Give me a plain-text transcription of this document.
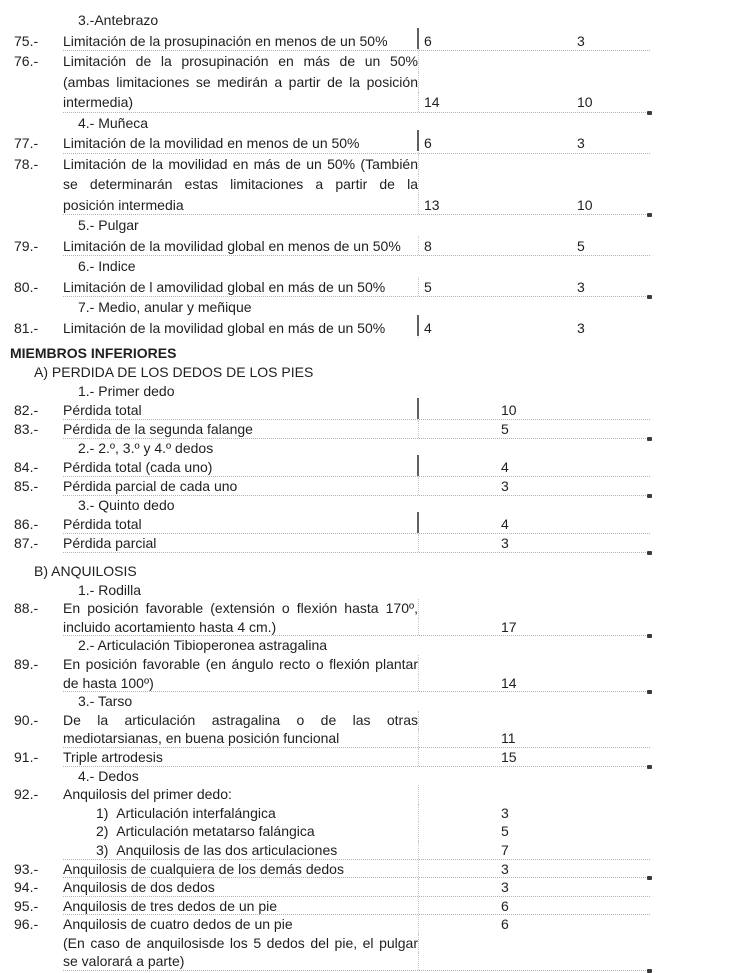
3.-Antebrazo
75.-	Limitación de la prosupinación en menos de un 50%	6	3
76.-	Limitación de la prosupinación en más de un 50%
(ambas limitaciones se medirán a partir de la posición
intermedia)	14	10
4.- Muñeca
77.-	Limitación de la movilidad en menos de un 50%	6	3
78.-	Limitación de la movilidad en más de un 50% (También
se determinarán estas limitaciones a partir de la
posición intermedia	13	10
5.- Pulgar
79.-	Limitación de la movilidad global en menos de un 50%	8	5
6.- Indice
80.-	Limitación de l amovilidad global en más de un 50%	5	3
7.- Medio, anular y meñique
81.-	Limitación de la movilidad global en más de un 50%	4	3
MIEMBROS INFERIORES
A) PERDIDA DE LOS DEDOS DE LOS PIES
1.- Primer dedo
82.-	Pérdida total	10
83.-	Pérdida de la segunda falange	5
2.- 2.º, 3.º y 4.º dedos
84.-	Pérdida total (cada uno)	4
85.-	Pérdida parcial de cada uno	3
3.- Quinto dedo
86.-	Pérdida total	4
87.-	Pérdida parcial	3
B) ANQUILOSIS
1.- Rodilla
88.-	En posición favorable (extensión o flexión hasta 170º,
incluido acortamiento hasta 4 cm.)	17
2.- Articulación Tibioperonea astragalina
89.-	En posición favorable (en ángulo recto o flexión plantar
de hasta 100º)	14
3.- Tarso
90.-	De la articulación astragalina o de las otras
mediotarsianas, en buena posición funcional	11
91.-	Triple artrodesis	15
4.- Dedos
92.-	Anquilosis del primer dedo:
1)  Articulación interfalángica	3
2)  Articulación metatarso falángica	5
3)  Anquilosis de las dos articulaciones	7
93.-	Anquilosis de cualquiera de los demás dedos	3
94.-	Anquilosis de dos dedos	3
95.-	Anquilosis de tres dedos de un pie	6
96.-	Anquilosis de cuatro dedos de un pie	6
(En caso de anquilosisde los 5 dedos del pie, el pulgar
se valorará a parte)
